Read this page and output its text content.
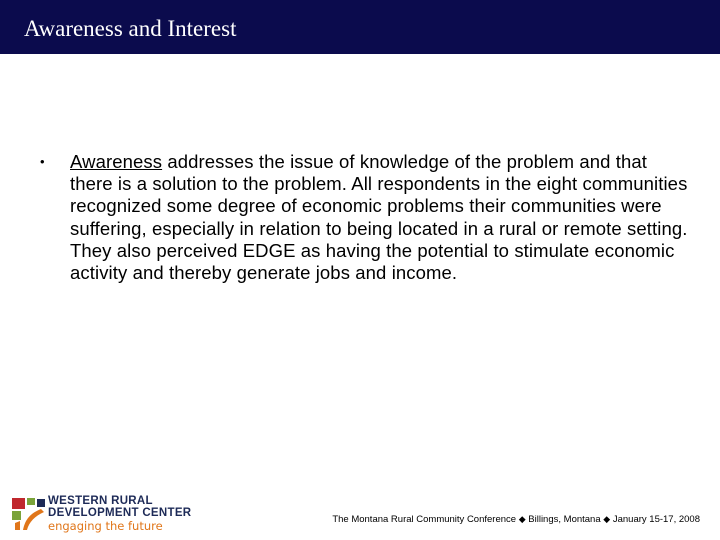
Awareness and Interest
•	Awareness addresses the issue of knowledge of the problem and that there is a solution to the problem. All respondents in the eight communities recognized some degree of economic problems their communities were suffering, especially in relation to being located in a rural or remote setting. They also perceived EDGE as having the potential to stimulate economic activity and thereby generate jobs and income.
WESTERN RURAL
DEVELOPMENT CENTER
engaging the future	The Montana Rural Community Conference ◆ Billings, Montana ◆ January 15-17, 2008
